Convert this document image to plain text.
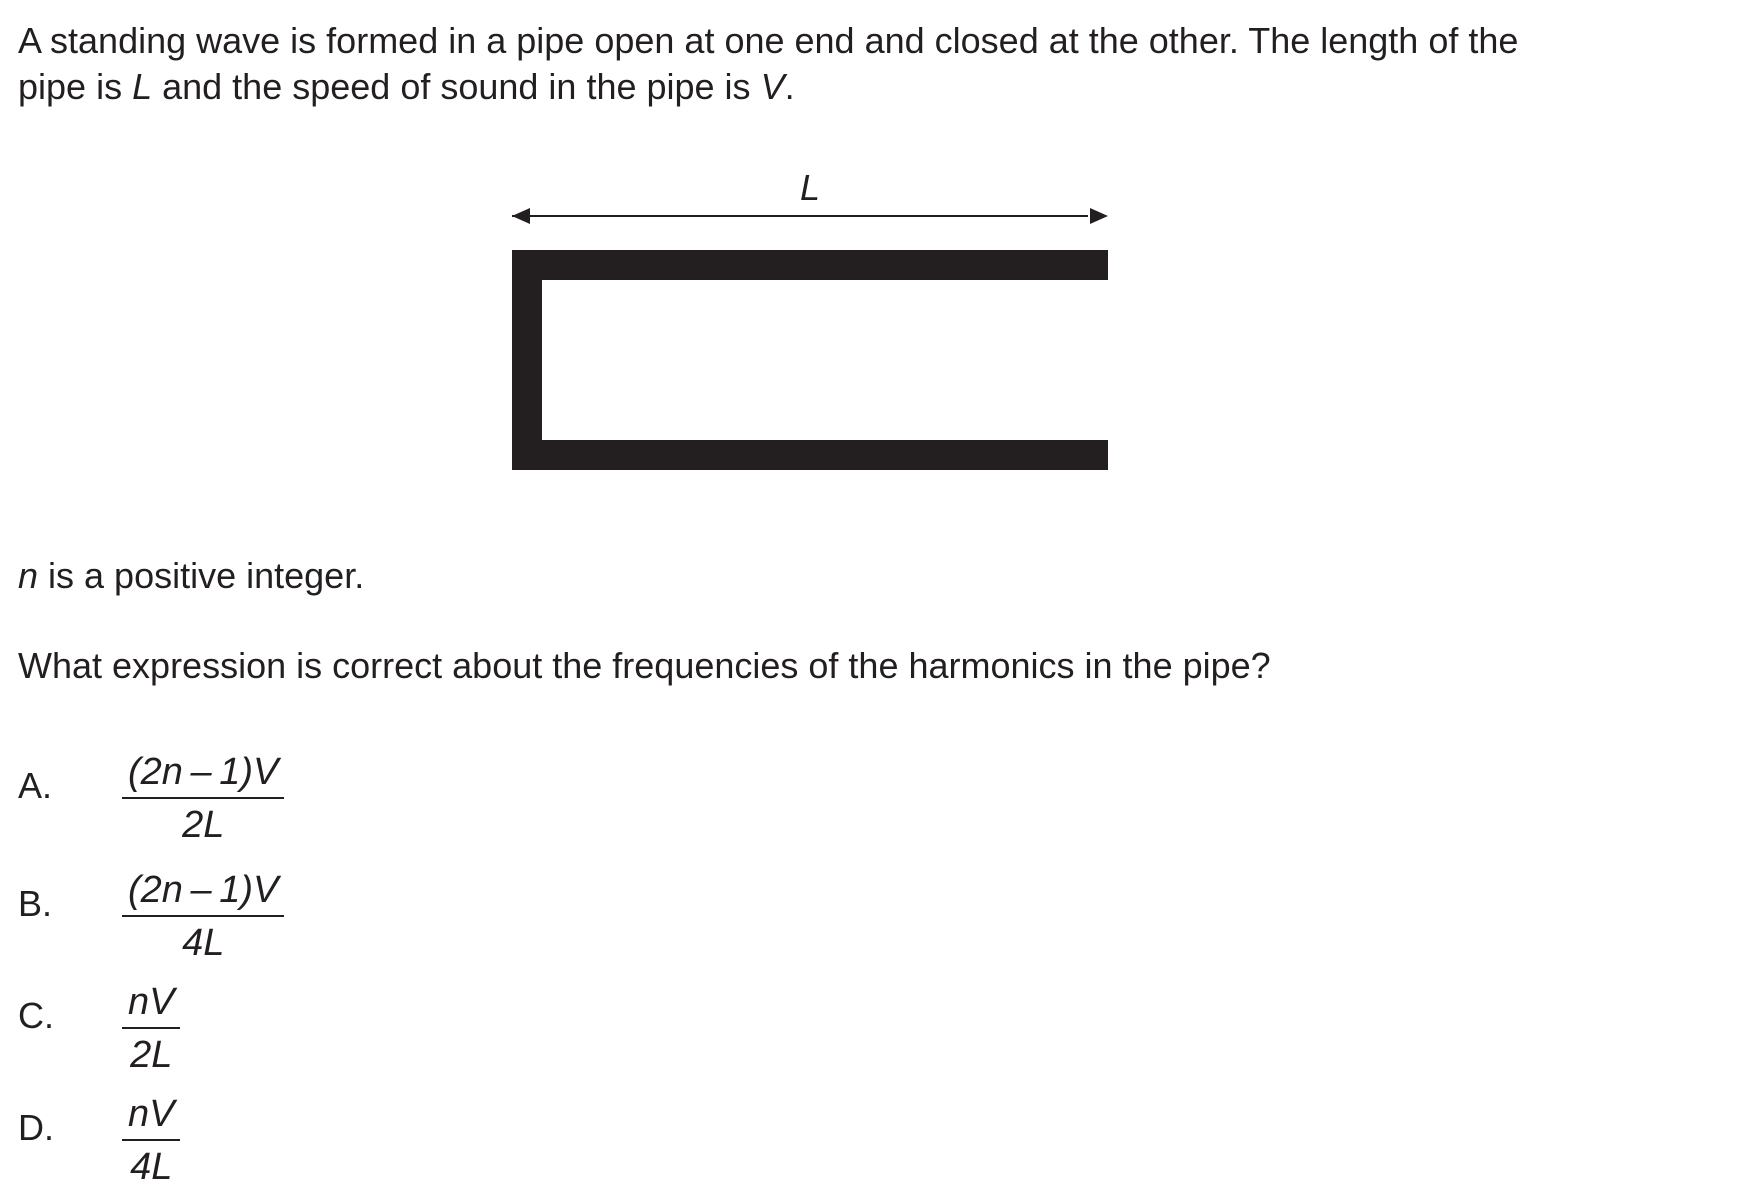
A standing wave is formed in a pipe open at one end and closed at the other. The length of the
pipe is L and the speed of sound in the pipe is V.

L

n is a positive integer.

What expression is correct about the frequencies of the harmonics in the pipe?

A. (2n – 1)V
2L
B. (2n – 1)V
4L
C. nV
2L
D. nV
4L
